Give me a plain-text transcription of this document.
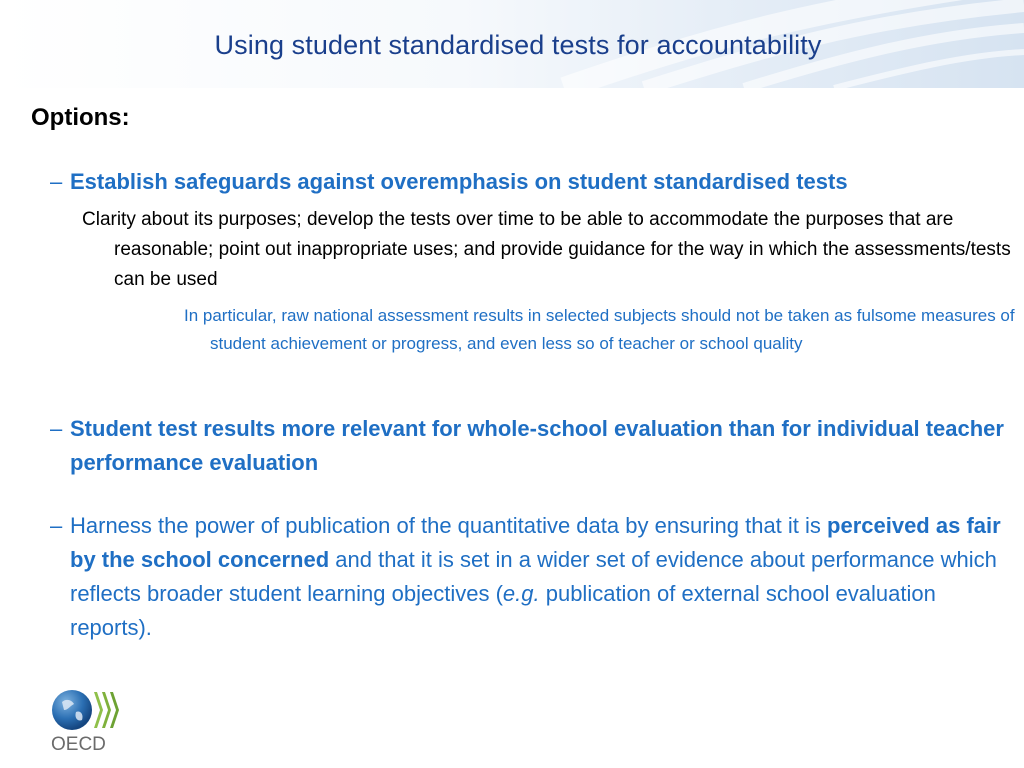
Using student standardised tests for accountability
Options:
– Establish safeguards against overemphasis on student standardised tests
Clarity about its purposes; develop the tests over time to be able to accommodate the purposes that are reasonable; point out inappropriate uses; and provide guidance for the way in which the assessments/tests can be used
In particular, raw national assessment results in selected subjects should not be taken as fulsome measures of student achievement or progress, and even less so of teacher or school quality
– Student test results more relevant for whole-school evaluation than for individual teacher performance evaluation
– Harness the power of publication of the quantitative data by ensuring that it is perceived as fair by the school concerned and that it is set in a wider set of evidence about performance which reflects broader student learning objectives (e.g. publication of external school evaluation reports).
OECD
